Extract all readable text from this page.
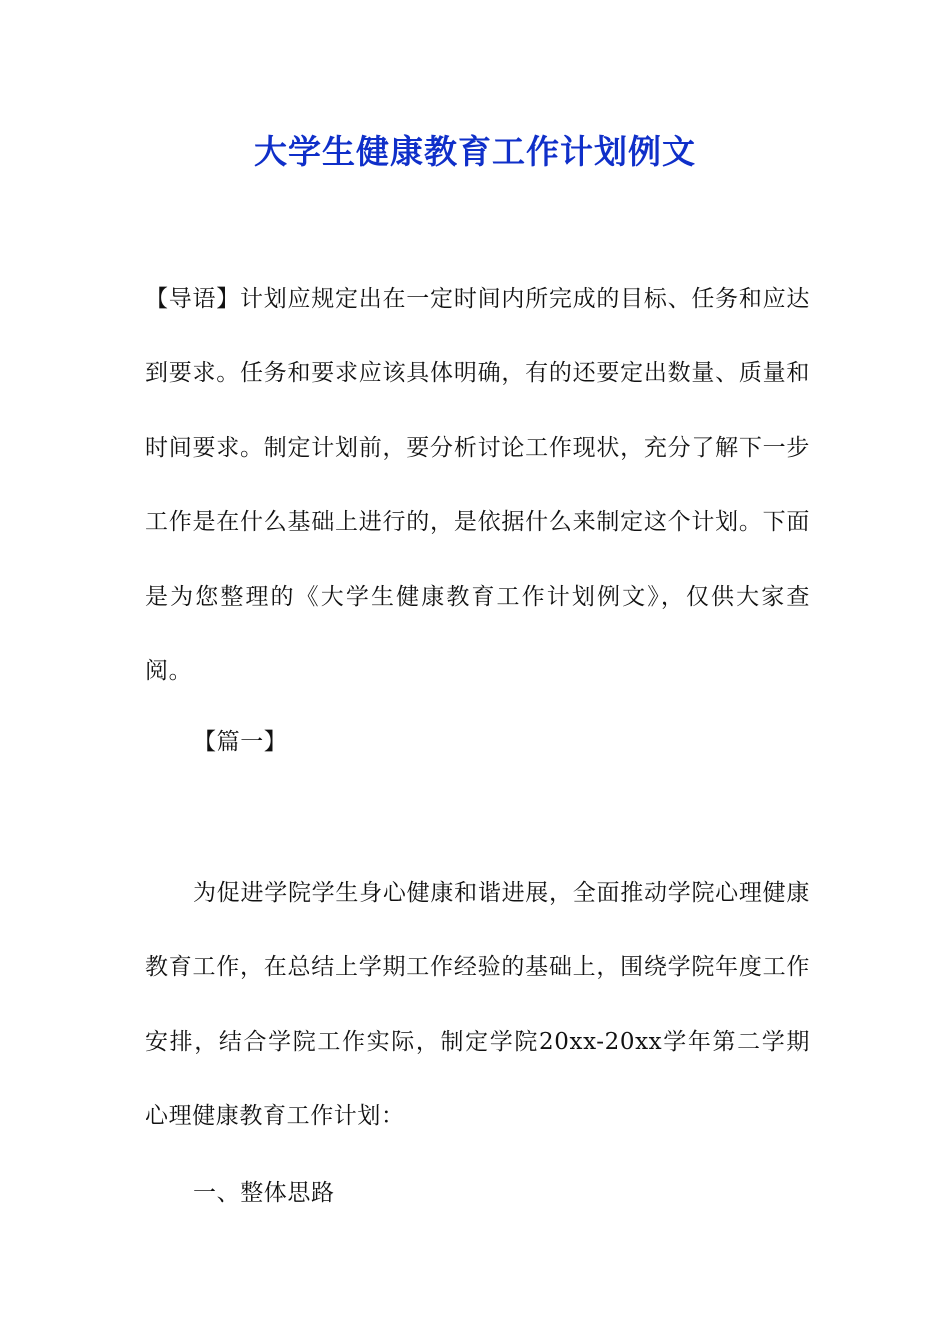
大学生健康教育工作计划例文

【导语】计划应规定出在一定时间内所完成的目标、任务和应达到要求。任务和要求应该具体明确，有的还要定出数量、质量和时间要求。制定计划前，要分析讨论工作现状，充分了解下一步工作是在什么基础上进行的，是依据什么来制定这个计划。下面是为您整理的《大学生健康教育工作计划例文》，仅供大家查阅。

【篇一】

为促进学院学生身心健康和谐进展，全面推动学院心理健康教育工作，在总结上学期工作经验的基础上，围绕学院年度工作安排，结合学院工作实际，制定学院20xx-20xx学年第二学期心理健康教育工作计划：

一、整体思路
